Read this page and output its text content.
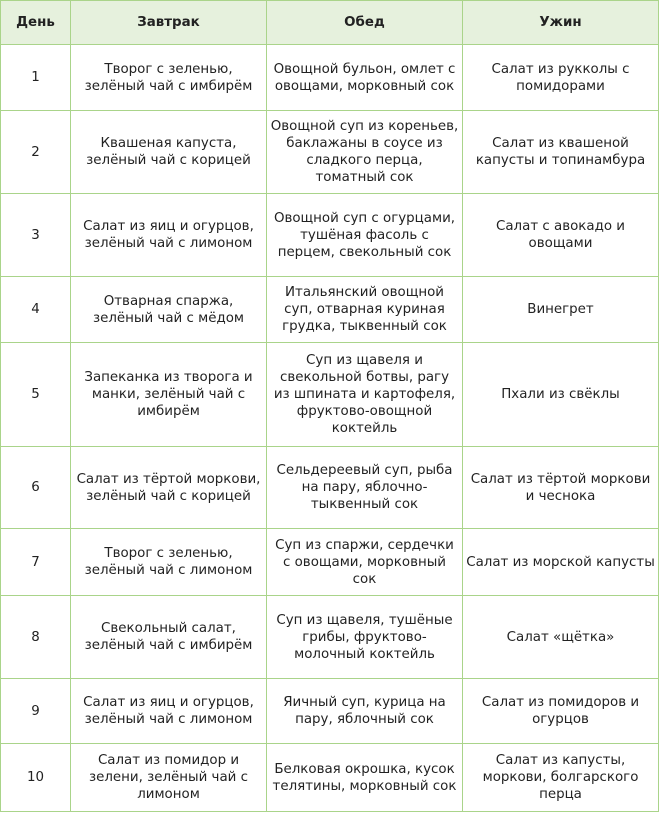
День	Завтрак	Обед	Ужин
1	Творог с зеленью, зелёный чай с имбирём	Овощной бульон, омлет с овощами, морковный сок	Салат из рукколы с помидорами
2	Квашеная капуста, зелёный чай с корицей	Овощной суп из кореньев, баклажаны в соусе из сладкого перца, томатный сок	Салат из квашеной капусты и топинамбура
3	Салат из яиц и огурцов, зелёный чай с лимоном	Овощной суп с огурцами, тушёная фасоль с перцем, свекольный сок	Салат с авокадо и овощами
4	Отварная спаржа, зелёный чай с мёдом	Итальянский овощной суп, отварная куриная грудка, тыквенный сок	Винегрет
5	Запеканка из творога и манки, зелёный чай с имбирём	Суп из щавеля и свекольной ботвы, рагу из шпината и картофеля, фруктово-овощной коктейль	Пхали из свёклы
6	Салат из тёртой моркови, зелёный чай с корицей	Сельдереевый суп, рыба на пару, яблочно-тыквенный сок	Салат из тёртой моркови и чеснока
7	Творог с зеленью, зелёный чай с лимоном	Суп из спаржи, сердечки с овощами, морковный сок	Салат из морской капусты
8	Свекольный салат, зелёный чай с имбирём	Суп из щавеля, тушёные грибы, фруктово-молочный коктейль	Салат «щётка»
9	Салат из яиц и огурцов, зелёный чай с лимоном	Яичный суп, курица на пару, яблочный сок	Салат из помидоров и огурцов
10	Салат из помидор и зелени, зелёный чай с лимоном	Белковая окрошка, кусок телятины, морковный сок	Салат из капусты, моркови, болгарского перца
